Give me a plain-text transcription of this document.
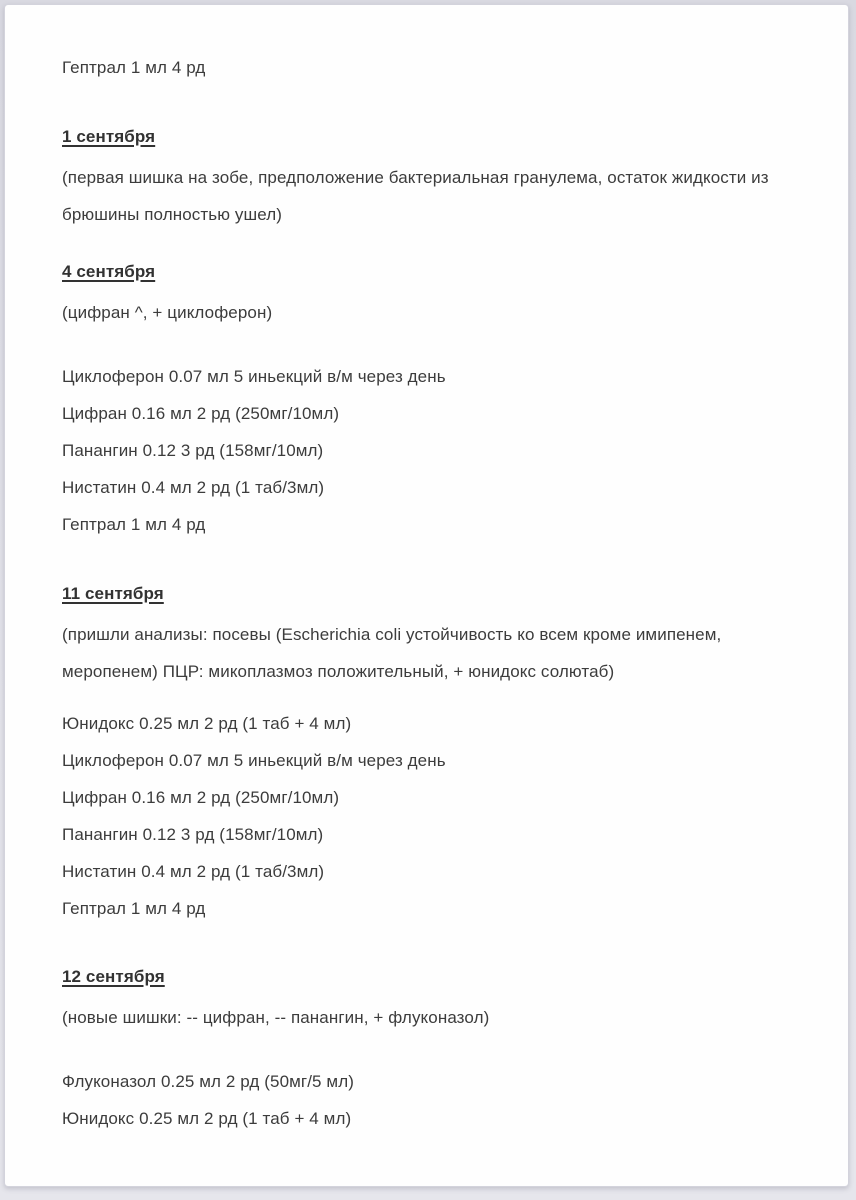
Гептрал 1 мл 4 рд

1 сентября

(первая шишка на зобе, предположение бактериальная гранулема, остаток жидкости из брюшины полностью ушел)

4 сентября

(цифран ^, + циклоферон)

Циклоферон 0.07 мл 5 иньекций в/м через день

Цифран 0.16 мл 2 рд (250мг/10мл)

Панангин 0.12 3 рд (158мг/10мл)

Нистатин 0.4 мл 2 рд (1 таб/3мл)

Гептрал 1 мл 4 рд

11 сентября

(пришли анализы: посевы (Escherichia coli устойчивость ко всем кроме имипенем, меропенем) ПЦР: микоплазмоз положительный, + юнидокс солютаб)

Юнидокс 0.25 мл 2 рд (1 таб + 4 мл)

Циклоферон 0.07 мл 5 иньекций в/м через день

Цифран 0.16 мл 2 рд (250мг/10мл)

Панангин 0.12 3 рд (158мг/10мл)

Нистатин 0.4 мл 2 рд (1 таб/3мл)

Гептрал 1 мл 4 рд

12 сентября

(новые шишки: -- цифран, -- панангин, + флуконазол)

Флуконазол 0.25 мл 2 рд (50мг/5 мл)

Юнидокс 0.25 мл 2 рд (1 таб + 4 мл)
